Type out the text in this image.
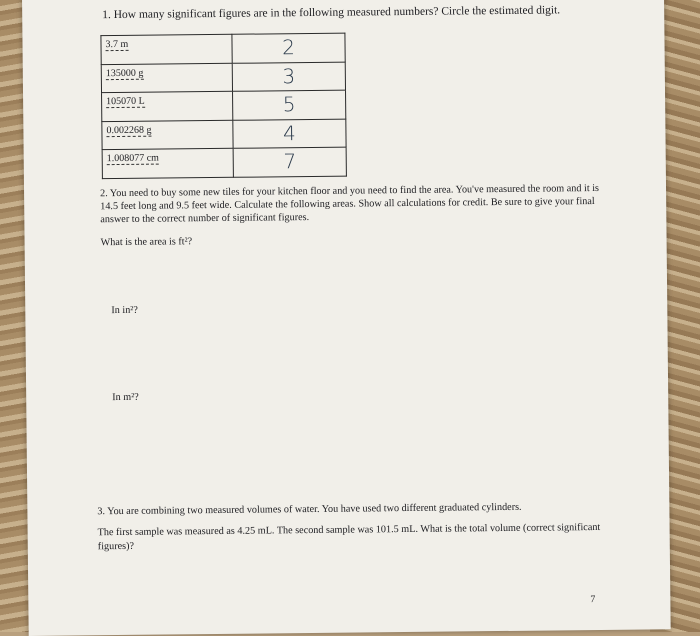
1. How many significant figures are in the following measured numbers? Circle the estimated digit.
3.7 m	2
135000 g	3
105070 L	5
0.002268 g	4
1.008077 cm	7
2. You need to buy some new tiles for your kitchen floor and you need to find the area. You've measured the room and it is 14.5 feet long and 9.5 feet wide. Calculate the following areas. Show all calculations for credit. Be sure to give your final answer to the correct number of significant figures.
What is the area is ft²?
In in²?
In m²?

3. You are combining two measured volumes of water. You have used two different graduated cylinders.

The first sample was measured as 4.25 mL. The second sample was 101.5 mL. What is the total volume (correct significant figures)?

7
